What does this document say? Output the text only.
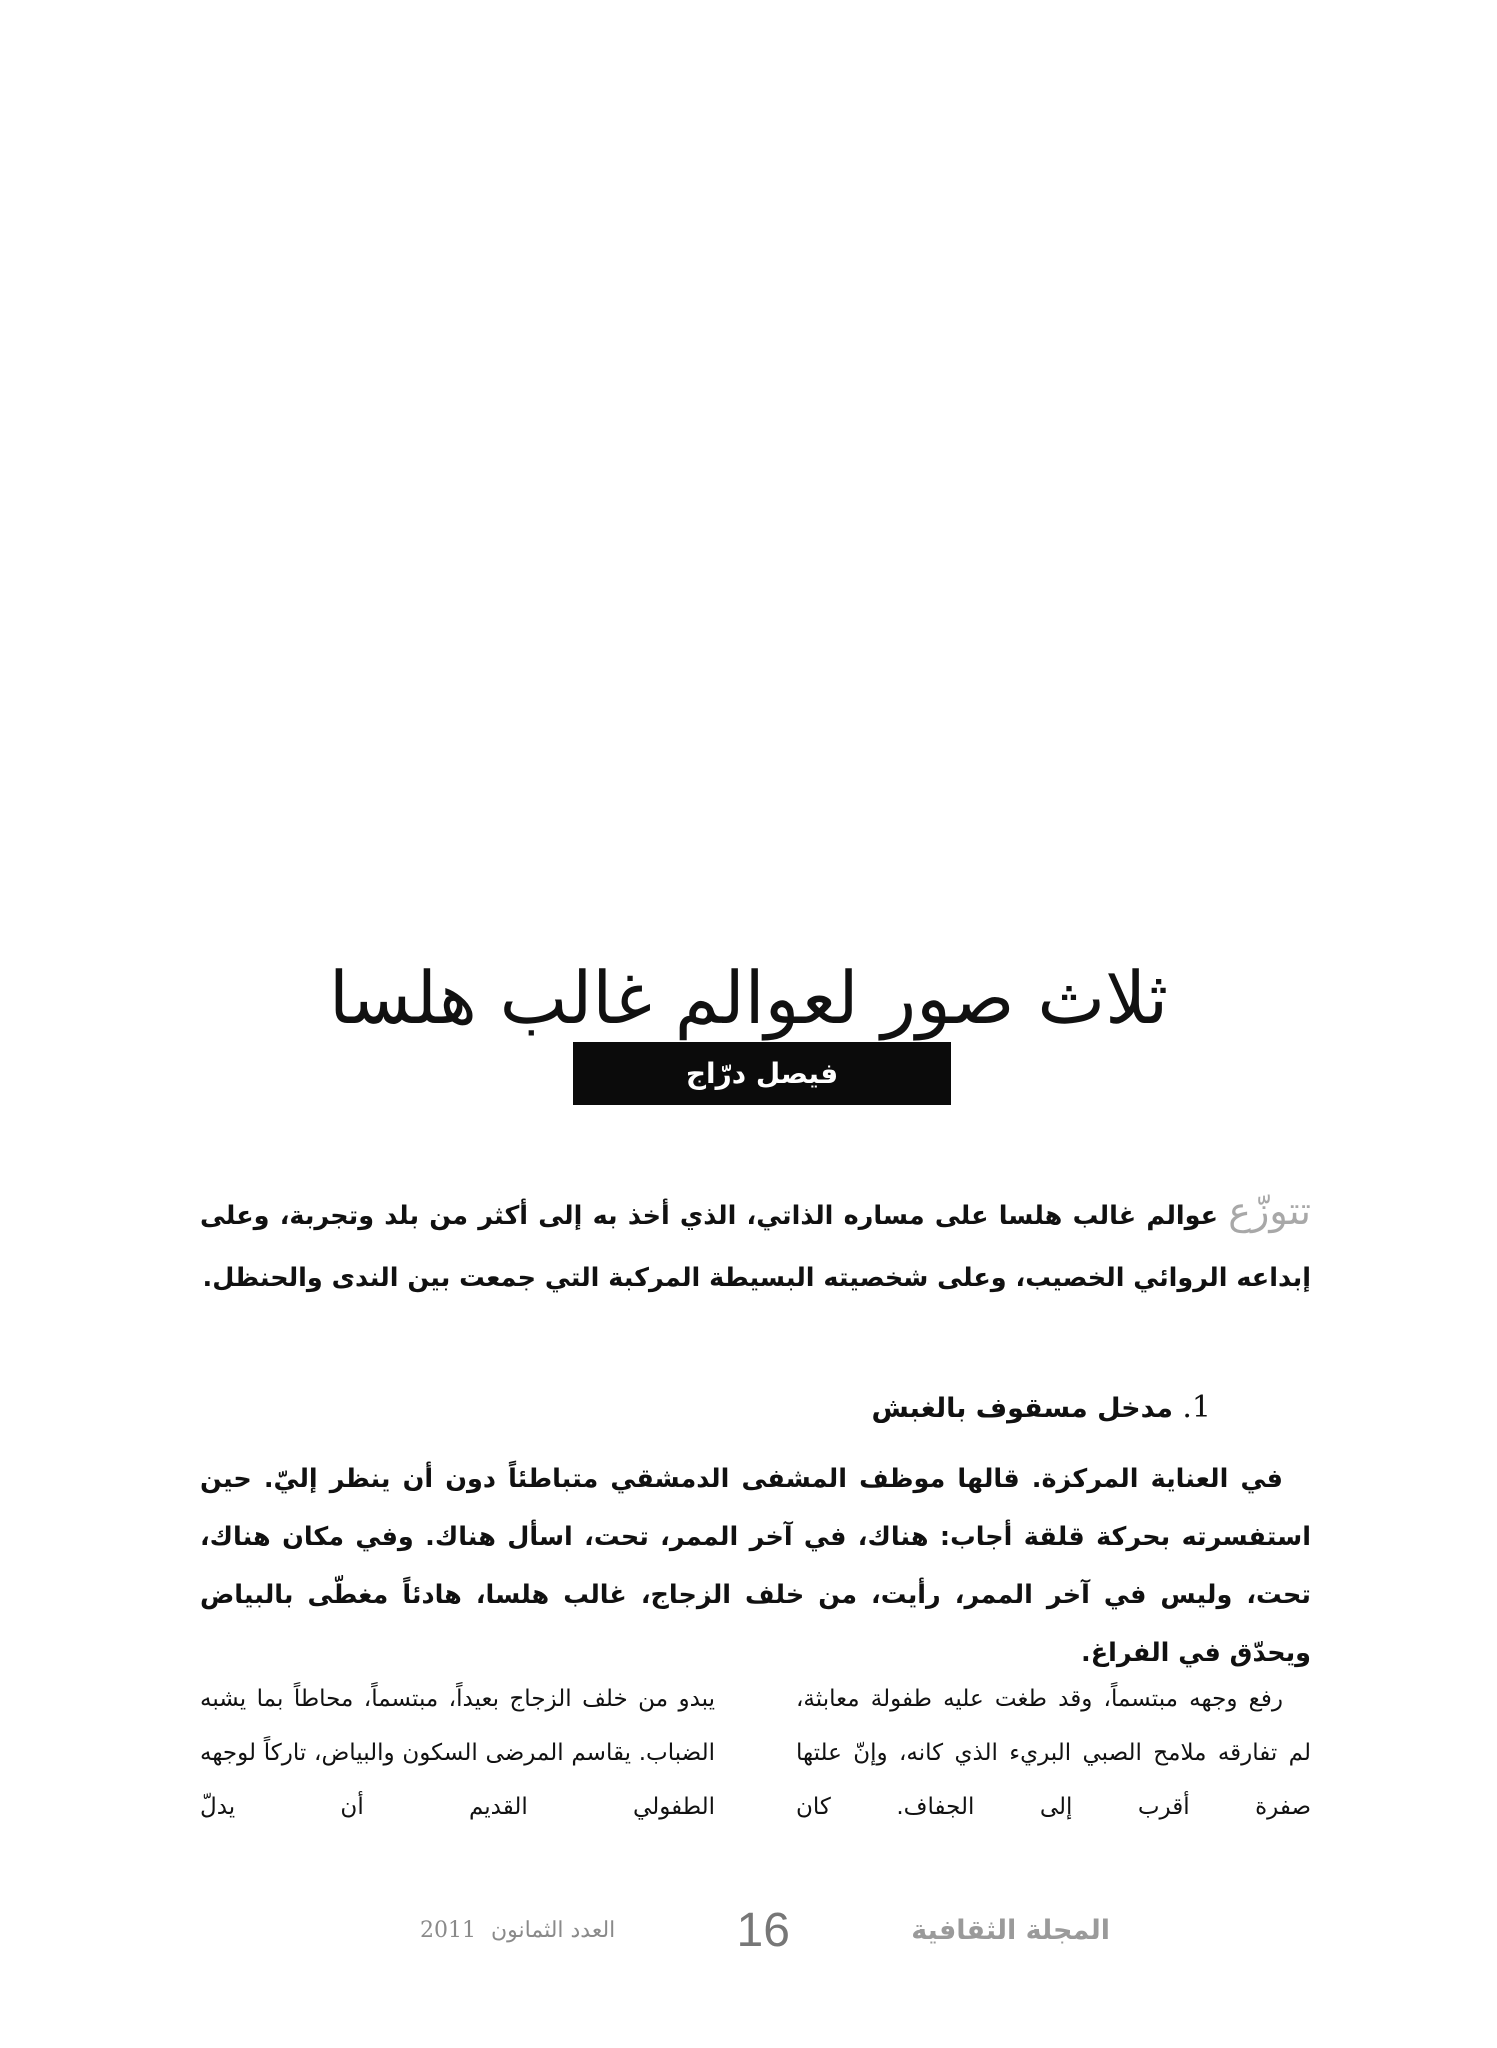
ثلاث صور لعوالم غالب هلسا
فيصل درّاج

تتوزّع عوالم غالب هلسا على مساره الذاتي، الذي أخذ به إلى أكثر من بلد وتجربة، وعلى إبداعه الروائي الخصيب، وعلى شخصيته البسيطة المركبة التي جمعت بين الندى والحنظل.

1. مدخل مسقوف بالغبش

في العناية المركزة. قالها موظف المشفى الدمشقي متباطئاً دون أن ينظر إليّ. حين استفسرته بحركة قلقة أجاب: هناك، في آخر الممر، تحت، اسأل هناك. وفي مكان هناك، تحت، وليس في آخر الممر، رأيت، من خلف الزجاج، غالب هلسا، هادئاً مغطّى بالبياض ويحدّق في الفراغ.

رفع وجهه مبتسماً، وقد طغت عليه طفولة معابثة، لم تفارقه ملامح الصبي البريء الذي كانه، وإنّ علتها صفرة أقرب إلى الجفاف. كان

يبدو من خلف الزجاج بعيداً، مبتسماً، محاطاً بما يشبه الضباب. يقاسم المرضى السكون والبياض، تاركاً لوجهه الطفولي القديم أن يدلّ

المجلة الثقافية
16
العدد الثمانون 2011
